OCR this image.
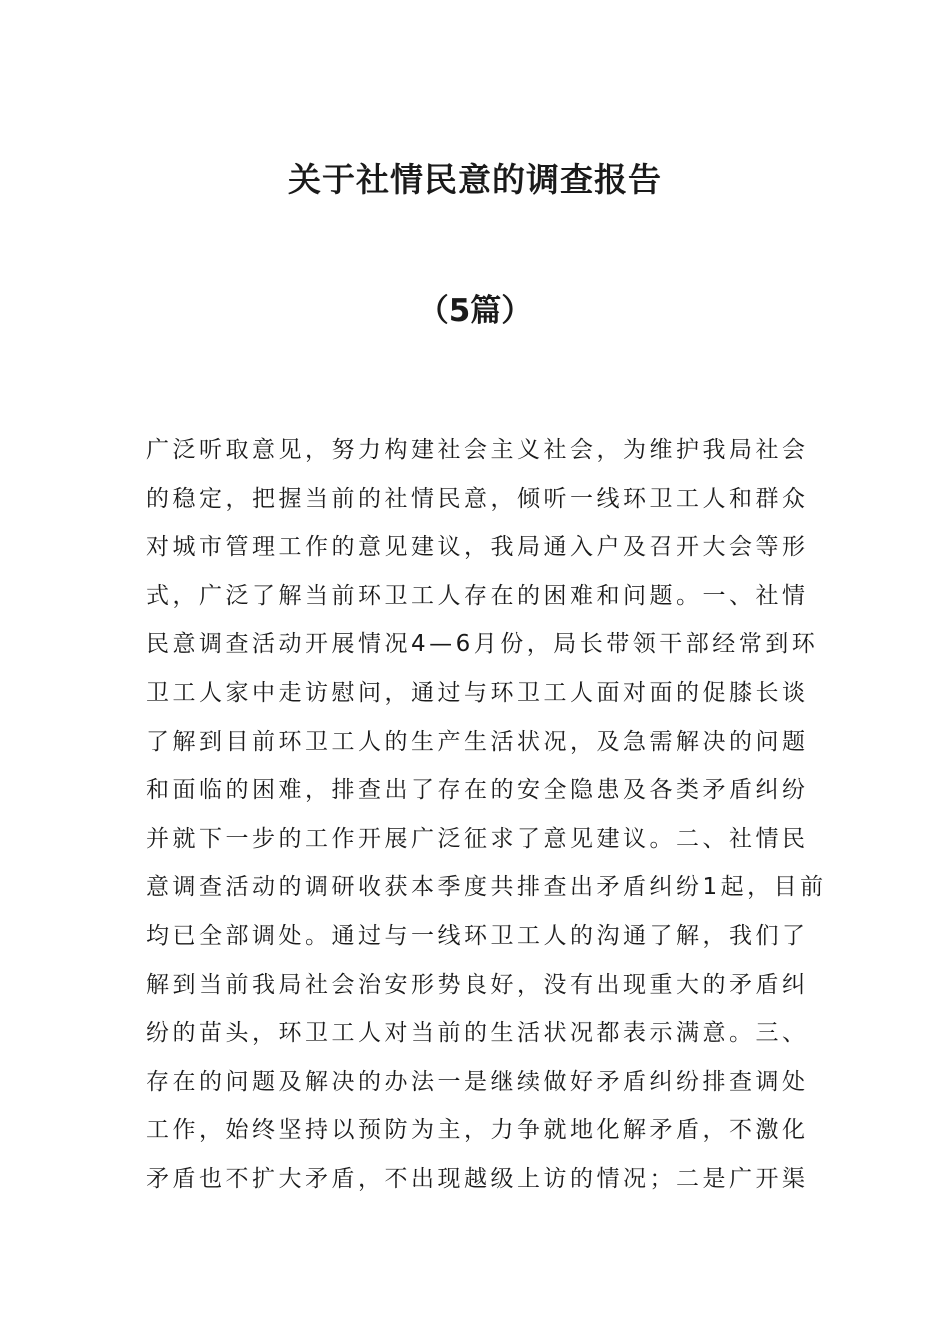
关于社情民意的调查报告
（5篇）
广泛听取意见，努力构建社会主义社会，为维护我局社会
的稳定，把握当前的社情民意，倾听一线环卫工人和群众
对城市管理工作的意见建议，我局通入户及召开大会等形
式，广泛了解当前环卫工人存在的困难和问题。一、社情
民意调查活动开展情况4—6月份，局长带领干部经常到环
卫工人家中走访慰问，通过与环卫工人面对面的促膝长谈
了解到目前环卫工人的生产生活状况，及急需解决的问题
和面临的困难，排查出了存在的安全隐患及各类矛盾纠纷
并就下一步的工作开展广泛征求了意见建议。二、社情民
意调查活动的调研收获本季度共排查出矛盾纠纷1起，目前
均已全部调处。通过与一线环卫工人的沟通了解，我们了
解到当前我局社会治安形势良好，没有出现重大的矛盾纠
纷的苗头，环卫工人对当前的生活状况都表示满意。三、
存在的问题及解决的办法一是继续做好矛盾纠纷排查调处
工作，始终坚持以预防为主，力争就地化解矛盾，不激化
矛盾也不扩大矛盾，不出现越级上访的情况；二是广开渠
